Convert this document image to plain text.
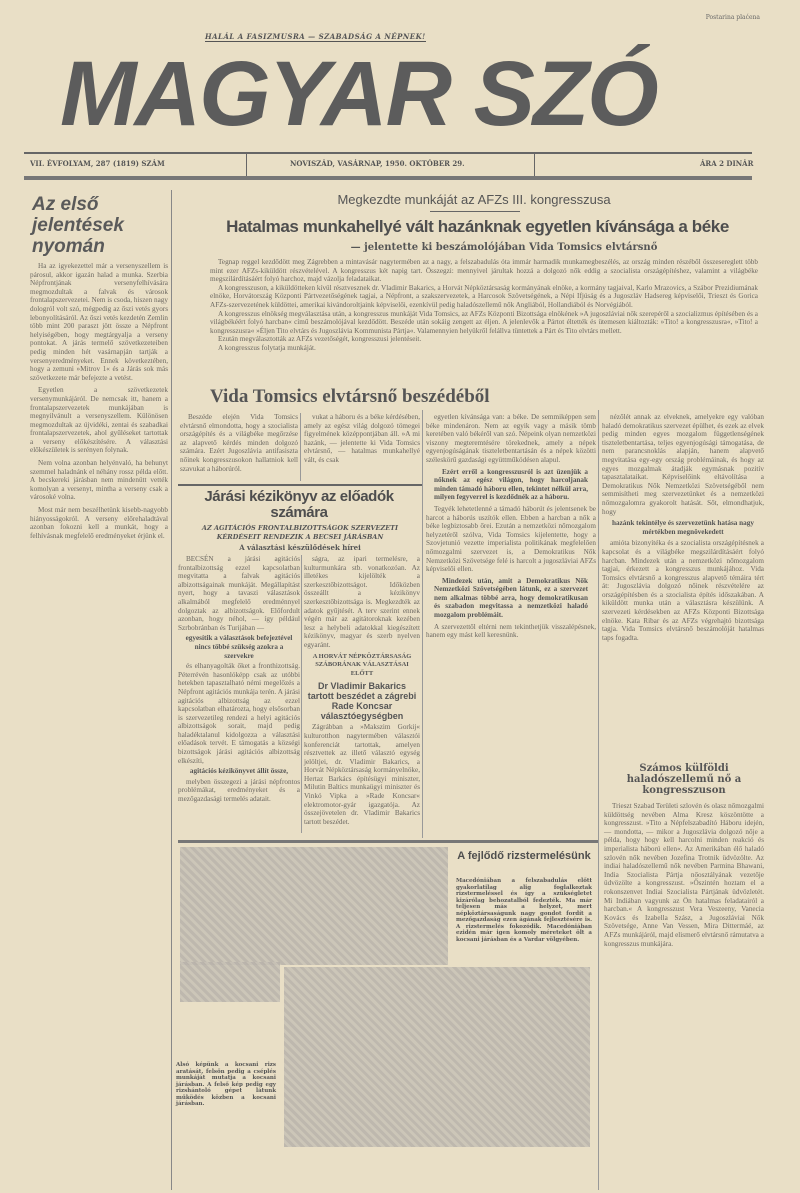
HALÁL A FASIZMUSRA — SZABADSÁG A NÉPNEK!
Postarina plaćena
MAGYAR SZÓ
VII. ÉVFOLYAM, 287 (1819) SZÁM	NOVISZÁD, VASÁRNAP, 1950. OKTÓBER 29.	ÁRA 2 DINÁR
Az első jelentések nyomán

Ha az igyekezettel már a versenyszellem is párosul, akkor igazán halad a munka. Szerbia Népfrontjának versenyfelhívására megmozdultak a falvak és városok frontalapszervezetei. Nem is csoda, hiszen nagy dologról volt szó, mégpedig az őszi vetés gyors lebonyolításáról. Az őszi vetés kezdetén Zemlin több mint 200 paraszt jött össze a Népfront helyiségében, hogy megtárgyalja a verseny pontokat. A járás termelő szövetkezeteiben pedig minden hét vasárnapján tartják a versenyeredményeket. Ennek következtében, hogy a zemuni »Mitrov 1« és a Járás sok más szövetkezete már befejezte a vetést.

Egyetlen a szövetkezetek versenymunkájáról. De nemcsak itt, hanem a frontalapszervezetek munkájában is megnyilvánult a versenyszellem. Különösen megmozdultak az újvidéki, zentai és szabadkai frontalapszervezetek, ahol gyűléseket tartottak a verseny előkészítésére. A választási előkészületek is serényen folynak.

Nem volna azonban helyénvaló, ha behunyt szemmel haladnánk el néhány rossz példa előtt. A becskereki járásban nem mindenütt vették komolyan a versenyt, mintha a verseny csak a városoké volna.

Most már nem beszélhetünk kisebb-nagyobb hiányosságokról. A verseny előrehaladtával azonban fokozni kell a munkát, hogy a felhívásnak megfelelő eredményeket érjünk el.

Megkezdte munkáját az AFZs III. kongresszusa
Hatalmas munkahellyé vált hazánknak egyetlen kívánsága a béke
— jelentette ki beszámolójában Vida Tomsics elvtársnő

Tegnap reggel kezdődött meg Zágrebben a mintavásár nagytermében az a nagy, a felszabadulás óta immár harmadik munkamegbeszélés, az ország minden részéből összesereglett több mint ezer AFZs-kiküldött részvételével. A kongresszus két napig tart. Összegzi: mennyivel járultak hozzá a dolgozó nők eddig a szocialista országépítéshez, valamint a világbéke megszilárdításáért folyó harchoz, majd vázolja feladataikat.

A kongresszuson, a kiküldötteken kívül résztvesznek dr. Vladimir Bakarics, a Horvát Népköztársaság kormányának elnöke, a kormány tagjaival, Karlo Mrazovics, a Szábor Prezidiumának elnöke, Horvátország Központi Pártvezetőségének tagjai, a Népfront, a szakszervezetek, a Harcosok Szövetségének, a Népi Ifjúság és a Jugoszláv Hadsereg képviselői, Trieszt és Gorica AFZs-szervezetének küldöttei, amerikai kivándoroltjaink képviselői, ezenkívül pedig haladószellemű nők Angliából, Hollandiából és Norvégiából.

A kongresszus elnökség megválasztása után, a kongresszus munkáját Vida Tomsics, az AFZs Központi Bizottsága elnökének »A jugoszláviai nők szerepéről a szocializmus építésében és a világbékéért folyó harcban« című beszámolójával kezdődött. Beszéde után sokáig zengett az éljen. A jelenlevők a Pártot éltették és ütemesen kiáltozták: »Tito! a kongresszusra«, »Tito! a kongresszusra« »Éljen Tito elvtárs és Jugoszlávia Kommunista Pártja«. Valamennyien helyükről felállva tüntettek a Párt és Tito elvtárs mellett.

Ezután megválasztották az AFZs vezetőségét, kongresszusi jelentéseit.

A kongresszus folytatja munkáját.

Vida Tomsics elvtársnő beszédéből
Beszéde elején Vida Tomsics elvtársnő elmondotta, hogy a szocialista országépítés és a világbéke megőrzése az alapvető kérdés minden dolgozó számára. Ezért Jugoszlávia antifasiszta nőinek kongresszusokon hallatniok kell szavukat a háborúról.
vukat a háboru és a béke kérdésében, amely az egész világ dolgozó tömegei figyelmének középpontjában áll. »A mi hazánk, — jelentette ki Vida Tomsics elvtársnő, — hatalmas munkahellyé vált, és csak

egyetlen kívánsága van: a béke. De semmiképpen sem béke mindenáron. Nem az egyik vagy a másik tömb keretében való békéről van szó. Népeink olyan nemzetközi viszony megteremtésére törekednek, amely a népek egyenjogúságának tiszteletbentartásán és a népek közötti széleskörű gazdasági együttműködésen alapul.

Ezért erről a kongresszusról is azt üzenjük a nőknek az egész világon, hogy harcoljanak minden támadó háboru ellen, tekintet nélkül arra, milyen fegyverrel is kezdődnék az a háboru.

Tegyék lehetetlenné a támadó háborút és jelentsenek be harcot a háborús uszítók ellen. Ebben a harcban a nők a béke legbiztosabb őrei. Ezután a nemzetközi nőmozgalom helyzetéről szólva, Vida Tomsics kijelentette, hogy a Szovjetunió vezette imperialista politikának megfelelően nőmozgalmi szervezet is, a Demokratikus Nők Nemzetközi Szövetsége felé is harcolt a jugoszláviai AFZs képviselői ellen.

Mindezek után, amit a Demokratikus Nők Nemzetközi Szövetségében látunk, ez a szervezet nem alkalmas többé arra, hogy demokratikusan és szabadon megvitassa a nemzetközi haladó mozgalom problémáit.

A szervezettől eltérni nem tekinthetjük visszalépésnek, hanem egy mást kell keresnünk.

nézőlét annak az elveknek, amelyekre egy valóban haladó demokratikus szervezet épülhet, és ezek az elvek pedig minden egyes mozgalom függetlenségének tiszteletbentartása, teljes egyenjogúsági támogatása, de nem parancsnoklás alapján, hanem alapvető megvitatása egy-egy ország problémáinak, és hogy az egyes mozgalmak átadják egymásnak pozitív tapasztalataikat. Képviselőink eltávolítása a Demokratikus Nők Nemzetközi Szövetségéből nem semmisítheti meg szervezetünket és a nemzetközi nőmozgalomra gyakorolt hatását. Sőt, elmondhatjuk, hogy

hazánk tekintélye és szervezetünk hatása nagy mértékben megnövekedett

amióta bizonyítéka és a szocialista országépítésnek a kapcsolat és a világbéke megszilárdításáért folyó harcban. Mindezek után a nemzetközi nőmozgalom tagjai, érkezett a kongresszus munkájához. Vida Tomsics elvtársnő a kongresszus alapvető témáira tért át: Jugoszlávia dolgozó nőinek részvételére az országépítésben és a szocialista építés időszakában. A kiküldött munka után a választásra készülünk. A szervezeti kérdésekben az AFZs Központi Bizottsága elnöke. Kata Ribar és az AFZs végrehajtó bizottsága tagja. Vida Tomsics elvtársnő beszámolóját hatalmas taps fogadta.

Járási kézikönyv az előadók számára
AZ AGITÁCIÓS FRONTALBIZOTTSÁGOK SZERVEZETI KÉRDÉSEIT RENDEZIK A BECSEI JÁRÁSBAN
A választási készülődések hírei

BECSÉN a járási agitációs frontalbizottság ezzel kapcsolatban megvitatta a falvak agitációs albizottságainak munkáját. Megállapítást nyert, hogy a tavaszi választások alkalmából megfelelő eredménnyel dolgoztak az albizottságok. Előfordult azonban, hogy néhol, — így például Szrbobránban és Turijában —

egyesítik a választások befejeztével nincs többé szükség azokra a szervekre

és elhanyagolták őket a fronthizottság. Péterrévén hasonlóképp csak az utóbbi hetekben tapasztalható némi megelőzés a Népfront agitációs munkája terén. A járási agitációs albizottság az ezzel kapcsolatban elhatározta, hogy elsősorban is szervezetileg rendezi a helyi agitációs albizottságok sorait, majd pedig haladéktalanul kidolgozza a választási előadások tervét. E támogatás a községi bizottságok járási agitációs albizottság elkészíti,

agitációs kézikönyvet állít össze,

melyben összegezi a járási népfrontos problémákat, eredményeket és a mezőgazdasági termelés adatait.

ságra, az ipari termelésre, a kulturmunkára stb. vonatkozóan. Az illetékes kijelölték a szerkesztőbizottságot. Időközben összeállt a kézikönyv szerkesztőbizottsága is. Megkezdték az adatok gyűjtését. A terv szerint ennek végén már az agitátoroknak kezében lesz a helybeli adatokkal kiegészített kézikönyv, magyar és szerb nyelven egyaránt.

A HORVÁT NÉPKÖZTÁRSASÁG SZÁBORÁNAK VÁLASZTÁSAI ELŐTT

Dr Vladimir Bakarics tartott beszédet a zágrebi Rade Koncsar választóegységben

Zágrábban a »Makszim Gorkij« kulturotthon nagytermében választói konferenciát tartottak, amelyen résztvettek az illető választó egység jelöltjei, dr. Vladimir Bakarics, a Horvát Népköztársaság kormányelnöke, Hertaz Barkács építésügyi miniszter, Milutin Baltics munkaügyi miniszter és Vinkó Vipka a »Rade Koncsar« elektromotor-gyár igazgatója. Az összejövetelen dr. Vladimir Bakarics tartott beszédet.

A fejlődő rizstermelésünk
Macedóniában a felszabadulás előtt gyakorlatilag alig foglalkoztak rizstermeléssel és így a szükségletet kizárólag behozatalból fedezték. Ma már teljesen más a helyzet, mert népköztársaságunk nagy gondot fordít a mezőgazdaság ezen ágának fejlesztésére is. A rizstermelés fokozódik. Macedóniában ezidén már igen komoly méreteket ölt a kocsani járásban és a Vardar völgyében.
Alsó képünk a kocsani rizs aratását, felsőn pedig a cséplés munkáját mutatja a kocsani járásban. A felső kép pedig egy rizshántoló gépet látunk működés közben a kocsani járásban.
Számos külföldi haladószellemű nő a kongresszuson
Trieszt Szabad Területi szlovén és olasz nőmozgalmi küldöttség nevében Alma Kresz köszöntötte a kongresszust. »Tito a Népfelszabadító Háboru idején, — mondotta, — mikor a Jugoszlávia dolgozó nője a példa, hogy hogy kell harcolni minden reakció és imperialista háború ellen«. Az Amerikában élő haladó szlovén nők nevében Jozefina Trotnik üdvözölte. Az indiai haladószellemű nők nevében Parmina Bhawani, India Szocialista Pártja nőosztályának vezetője üdvözölte a kongresszust. »Őszintén hoztam el a rokonszenvet Indiai Szocialista Pártjának üdvözletét. Mi Indiában vagyunk az Ön hatalmas feladatairól a harcban.« A kongresszust Vera Veszeeny, Vanecia Kovács és Izabella Szász, a Jugoszláviai Nők Szövetsége, Anne Van Vessen, Mira Dittermáé, az AFZs munkájáról, majd elismerő elvtársnő rámutatva a kongresszus munkájára.
